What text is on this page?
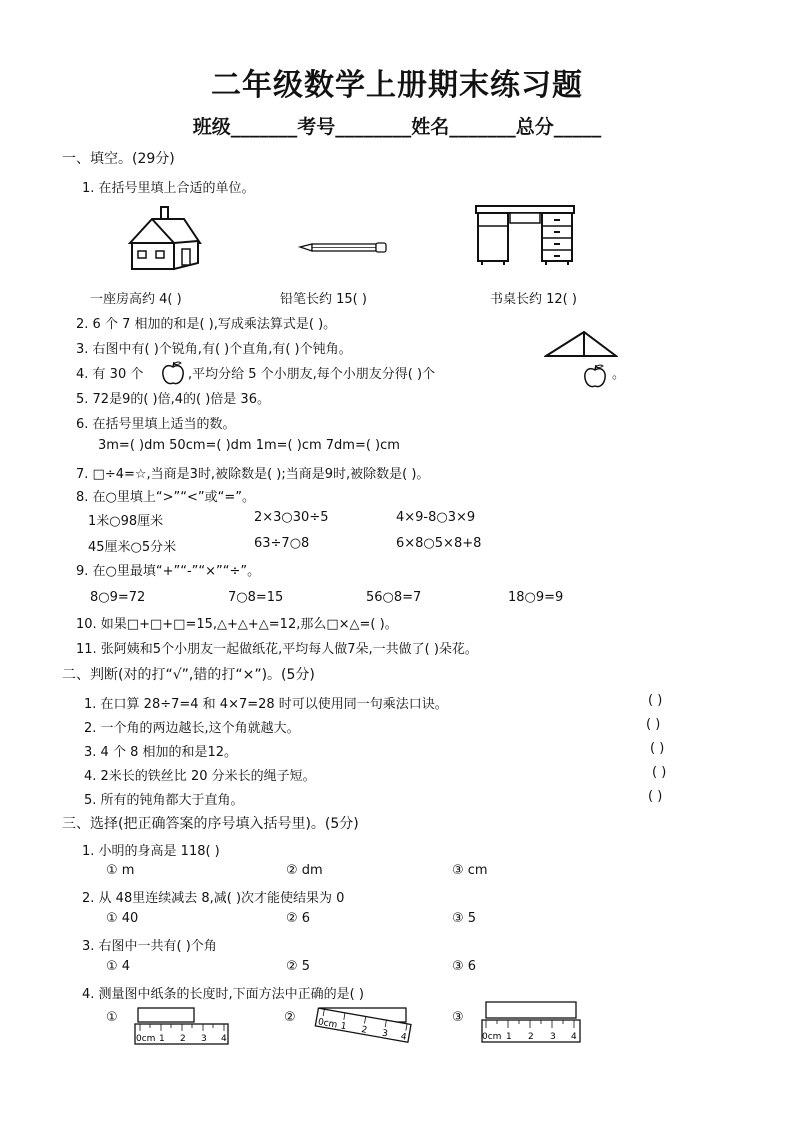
二年级数学上册期末练习题
班级_______考号________姓名_______总分_____
一、填空。(29分)
1. 在括号里填上合适的单位。
一座房高约 4( )	铅笔长约 15( )	书桌长约 12( )
2. 6 个 7 相加的和是( ),写成乘法算式是( )。
3. 右图中有( )个锐角,有( )个直角,有( )个钝角。
4. 有 30 个	,平均分给 5 个小朋友,每个小朋友分得( )个	。
5. 72是9的( )倍,4的( )倍是 36。
6. 在括号里填上适当的数。
3m=( )dm 50cm=( )dm 1m=( )cm 7dm=( )cm
7. □÷4=☆,当商是3时,被除数是( );当商是9时,被除数是( )。
8. 在○里填上“>”“<”或“=”。
1米○98厘米	2×3○30÷5	4×9-8○3×9
45厘米○5分米	63÷7○8	6×8○5×8+8
9. 在○里最填“+”“-”“×”“÷”。
8○9=72	7○8=15	56○8=7	18○9=9
10. 如果□+□+□=15,△+△+△=12,那么□×△=( )。
11. 张阿姨和5个小朋友一起做纸花,平均每人做7朵,一共做了( )朵花。
二、判断(对的打“√”,错的打“×”)。(5分)
1. 在口算 28÷7=4 和 4×7=28 时可以使用同一句乘法口诀。	( )
2. 一个角的两边越长,这个角就越大。	( )
3. 4 个 8 相加的和是12。	( )
4. 2米长的铁丝比 20 分米长的绳子短。	( )
5. 所有的钝角都大于直角。	( )
三、选择(把正确答案的序号填入括号里)。(5分)
1. 小明的身高是 118( )
① m	② dm	③ cm
2. 从 48里连续减去 8,减( )次才能使结果为 0
① 40	② 6	③ 5
3. 右图中一共有( )个角
① 4	② 5	③ 6
4. 测量图中纸条的长度时,下面方法中正确的是( )
①	②	③
0cm 1 2 3 4
0cm 1 2 3 4	0cm 1 2 3 4
